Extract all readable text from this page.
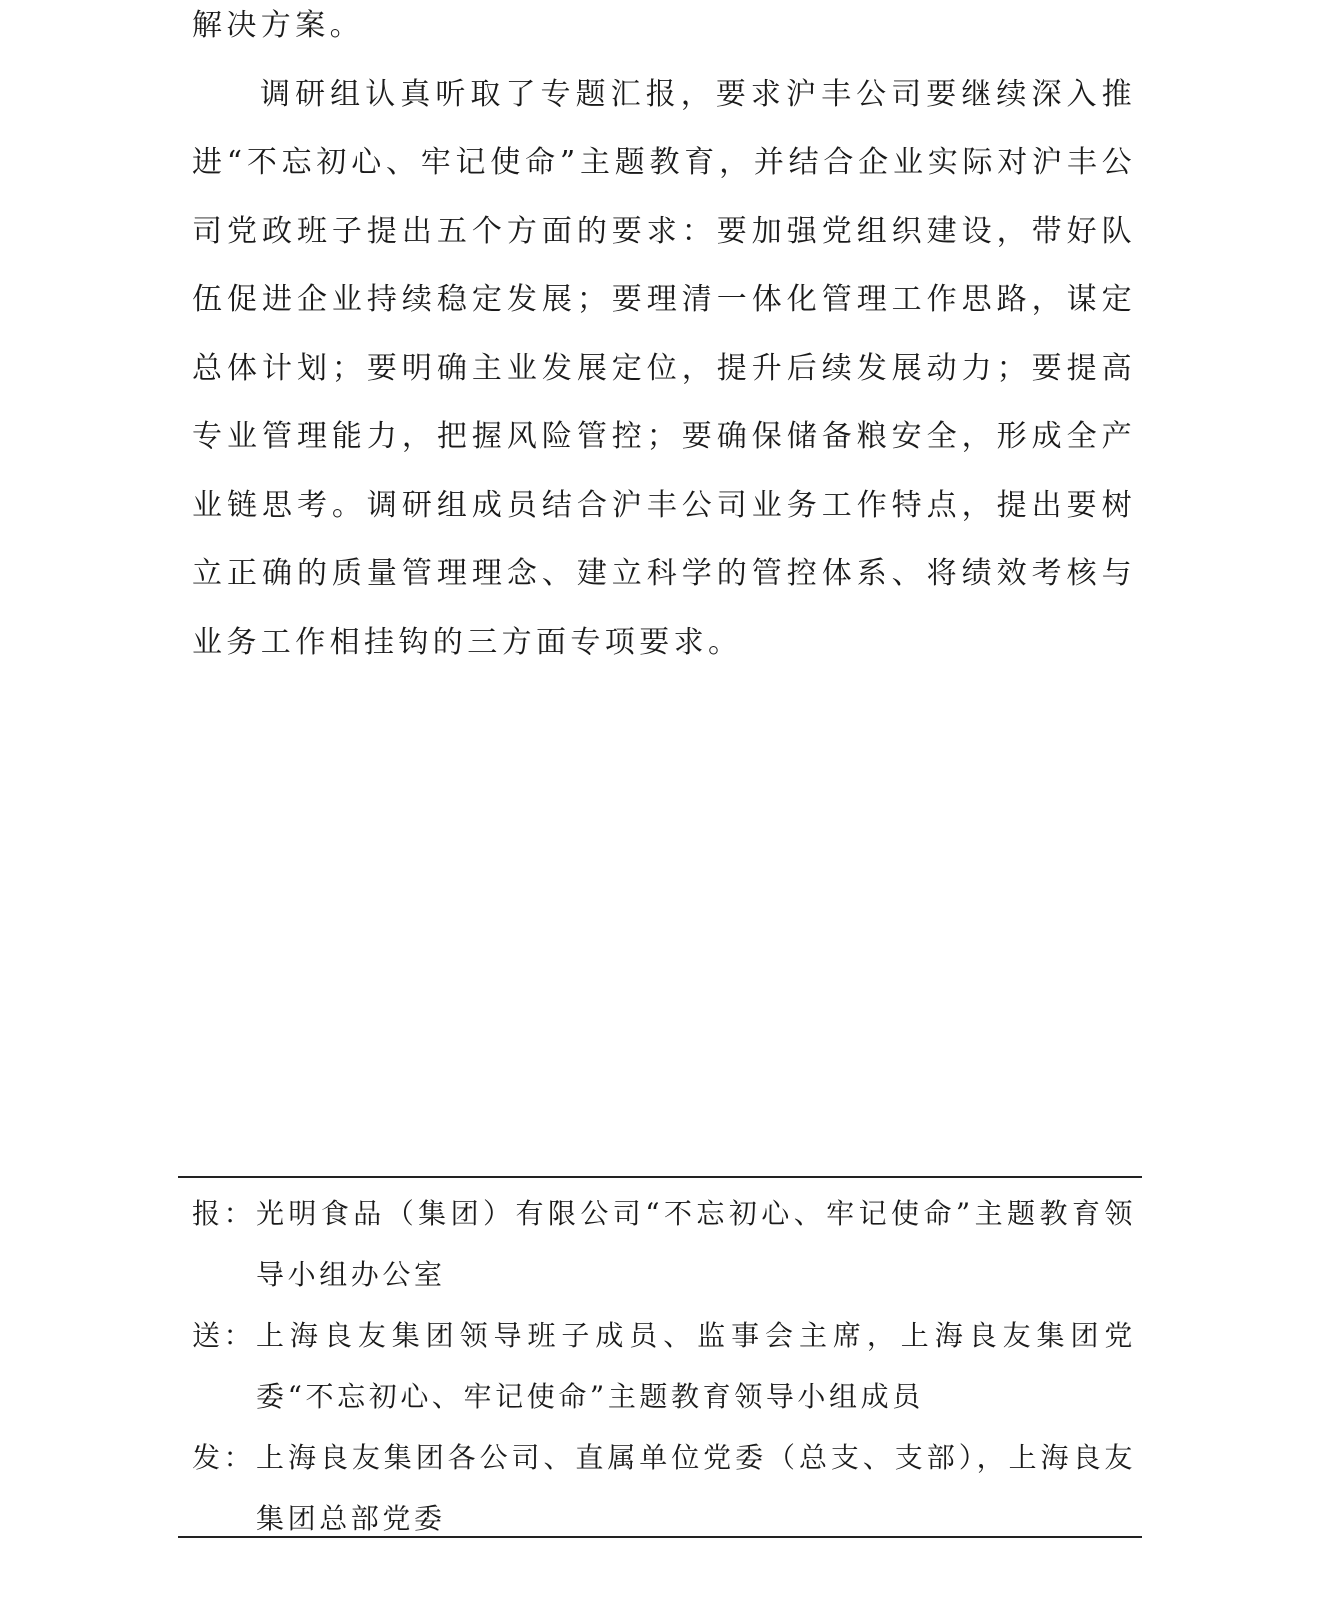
解决方案。

调研组认真听取了专题汇报，要求沪丰公司要继续深入推进“不忘初心、牢记使命”主题教育，并结合企业实际对沪丰公司党政班子提出五个方面的要求：要加强党组织建设，带好队伍促进企业持续稳定发展；要理清一体化管理工作思路，谋定总体计划；要明确主业发展定位，提升后续发展动力；要提高专业管理能力，把握风险管控；要确保储备粮安全，形成全产业链思考。调研组成员结合沪丰公司业务工作特点，提出要树立正确的质量管理理念、建立科学的管控体系、将绩效考核与业务工作相挂钩的三方面专项要求。

报： 光明食品（集团）有限公司“不忘初心、牢记使命”主题教育领导小组办公室
送： 上海良友集团领导班子成员、监事会主席，上海良友集团党委“不忘初心、牢记使命”主题教育领导小组成员
发： 上海良友集团各公司、直属单位党委（总支、支部），上海良友集团总部党委
